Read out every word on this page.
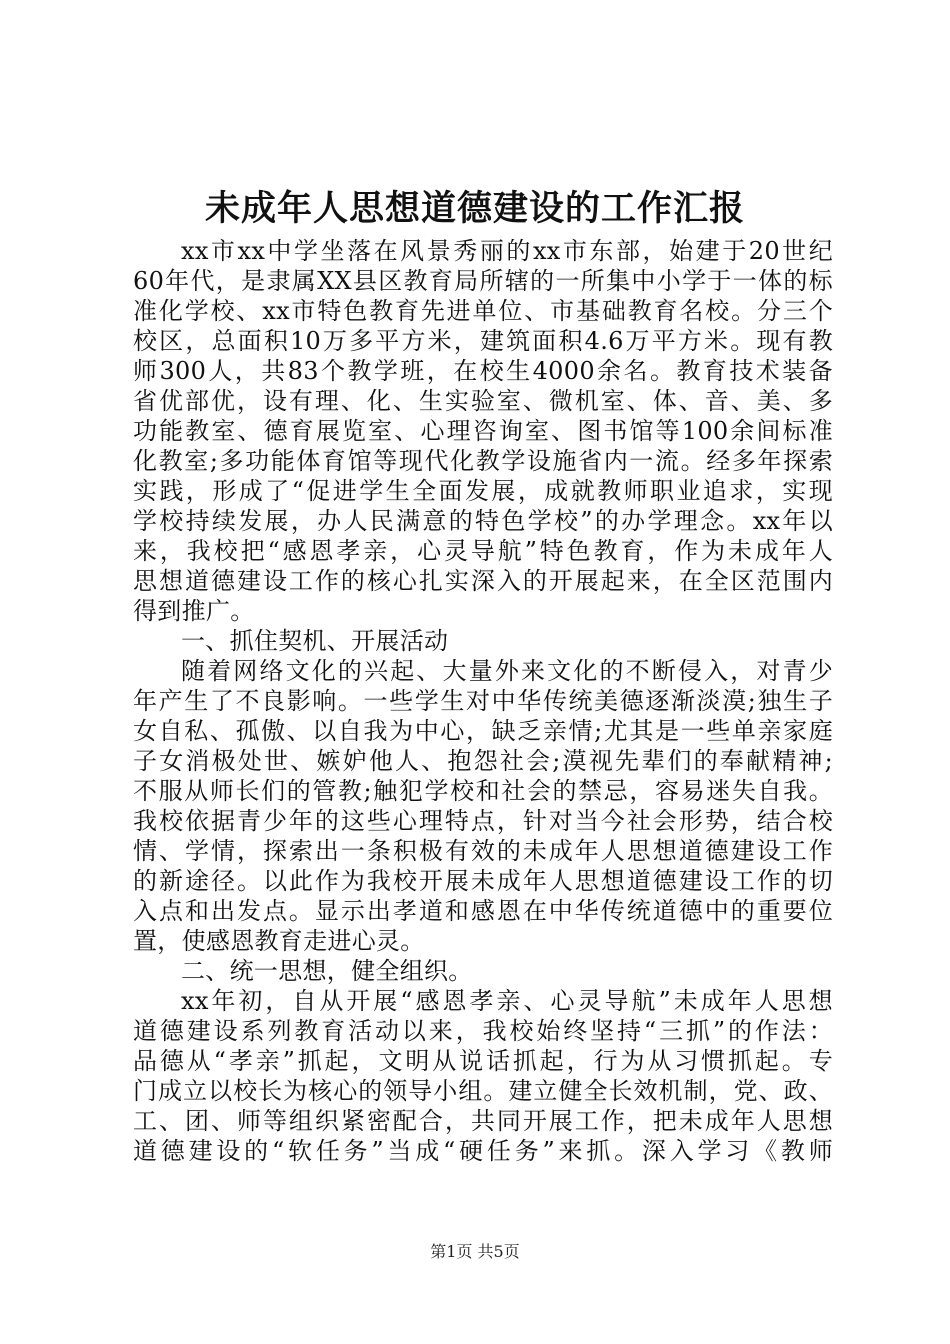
未成年人思想道德建设的工作汇报
xx市xx中学坐落在风景秀丽的xx市东部，始建于20世纪
60年代，是隶属XX县区教育局所辖的一所集中小学于一体的标
准化学校、xx市特色教育先进单位、市基础教育名校。分三个
校区，总面积10万多平方米，建筑面积4.6万平方米。现有教
师300人，共83个教学班，在校生4000余名。教育技术装备
省优部优，设有理、化、生实验室、微机室、体、音、美、多
功能教室、德育展览室、心理咨询室、图书馆等100余间标准
化教室;多功能体育馆等现代化教学设施省内一流。经多年探索
实践，形成了“促进学生全面发展，成就教师职业追求，实现
学校持续发展，办人民满意的特色学校”的办学理念。xx年以
来，我校把“感恩孝亲，心灵导航”特色教育，作为未成年人
思想道德建设工作的核心扎实深入的开展起来，在全区范围内
得到推广。
一、抓住契机、开展活动
随着网络文化的兴起、大量外来文化的不断侵入，对青少
年产生了不良影响。一些学生对中华传统美德逐渐淡漠;独生子
女自私、孤傲、以自我为中心，缺乏亲情;尤其是一些单亲家庭
子女消极处世、嫉妒他人、抱怨社会;漠视先辈们的奉献精神;
不服从师长们的管教;触犯学校和社会的禁忌，容易迷失自我。
我校依据青少年的这些心理特点，针对当今社会形势，结合校
情、学情，探索出一条积极有效的未成年人思想道德建设工作
的新途径。以此作为我校开展未成年人思想道德建设工作的切
入点和出发点。显示出孝道和感恩在中华传统道德中的重要位
置，使感恩教育走进心灵。
二、统一思想，健全组织。
xx年初，自从开展“感恩孝亲、心灵导航”未成年人思想
道德建设系列教育活动以来，我校始终坚持“三抓”的作法：
品德从“孝亲”抓起，文明从说话抓起，行为从习惯抓起。专
门成立以校长为核心的领导小组。建立健全长效机制，党、政、
工、团、师等组织紧密配合，共同开展工作，把未成年人思想
道德建设的“软任务”当成“硬任务”来抓。深入学习《教师
第1页 共5页
